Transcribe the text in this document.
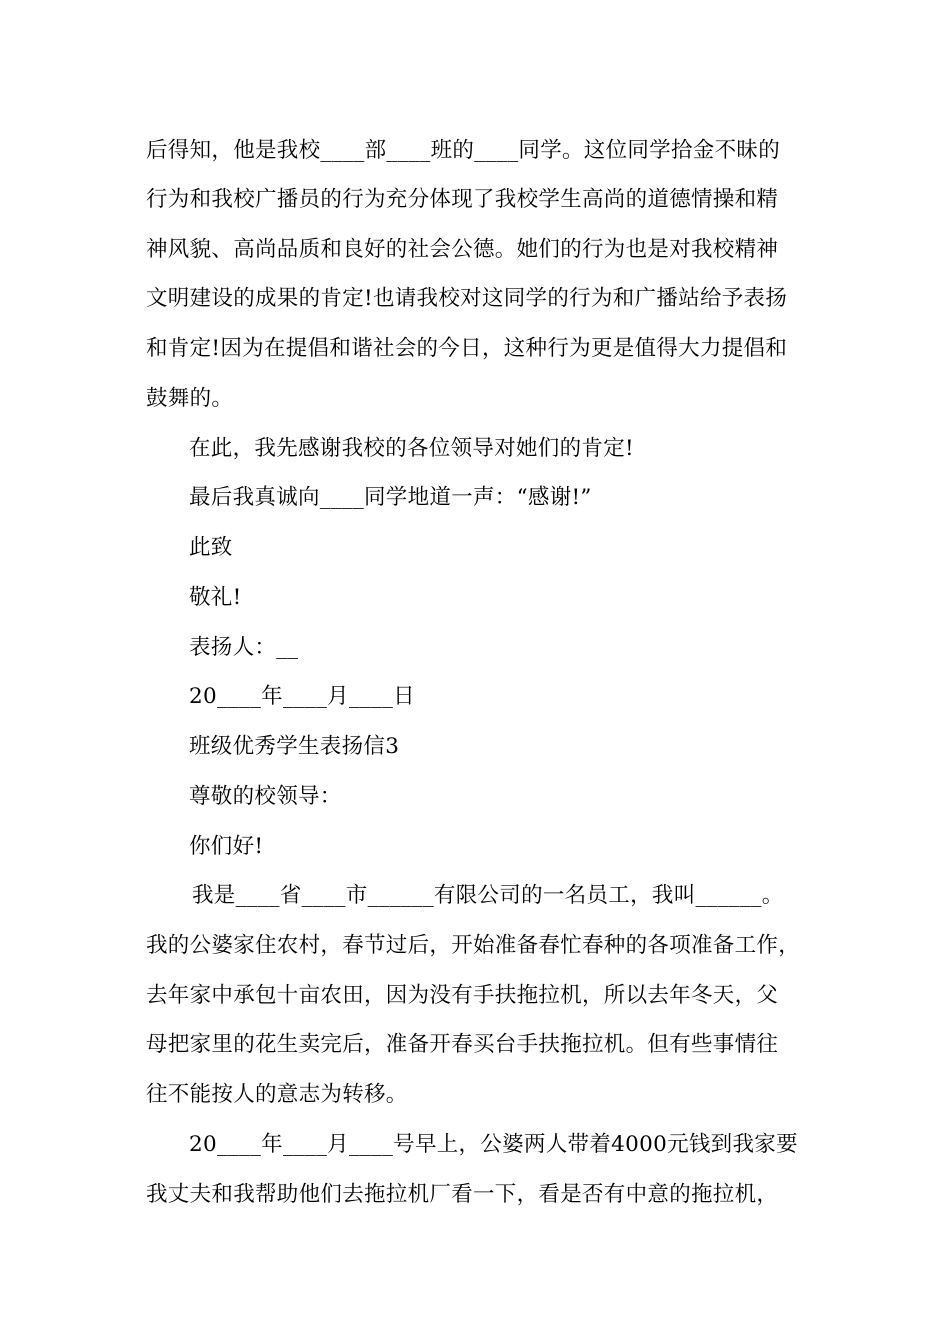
后得知，他是我校____部____班的____同学。这位同学拾金不昧的
行为和我校广播员的行为充分体现了我校学生高尚的道德情操和精
神风貌、高尚品质和良好的社会公德。她们的行为也是对我校精神
文明建设的成果的肯定!也请我校对这同学的行为和广播站给予表扬
和肯定!因为在提倡和谐社会的今日，这种行为更是值得大力提倡和
鼓舞的。
在此，我先感谢我校的各位领导对她们的肯定!
最后我真诚向____同学地道一声：“感谢!”
此致
敬礼!
表扬人：__
20____年____月____日
班级优秀学生表扬信3
尊敬的校领导：
你们好!
我是____省____市______有限公司的一名员工，我叫______。
我的公婆家住农村，春节过后，开始准备春忙春种的各项准备工作，
去年家中承包十亩农田，因为没有手扶拖拉机，所以去年冬天，父
母把家里的花生卖完后，准备开春买台手扶拖拉机。但有些事情往
往不能按人的意志为转移。
20____年____月____号早上，公婆两人带着4000元钱到我家要
我丈夫和我帮助他们去拖拉机厂看一下，看是否有中意的拖拉机，
